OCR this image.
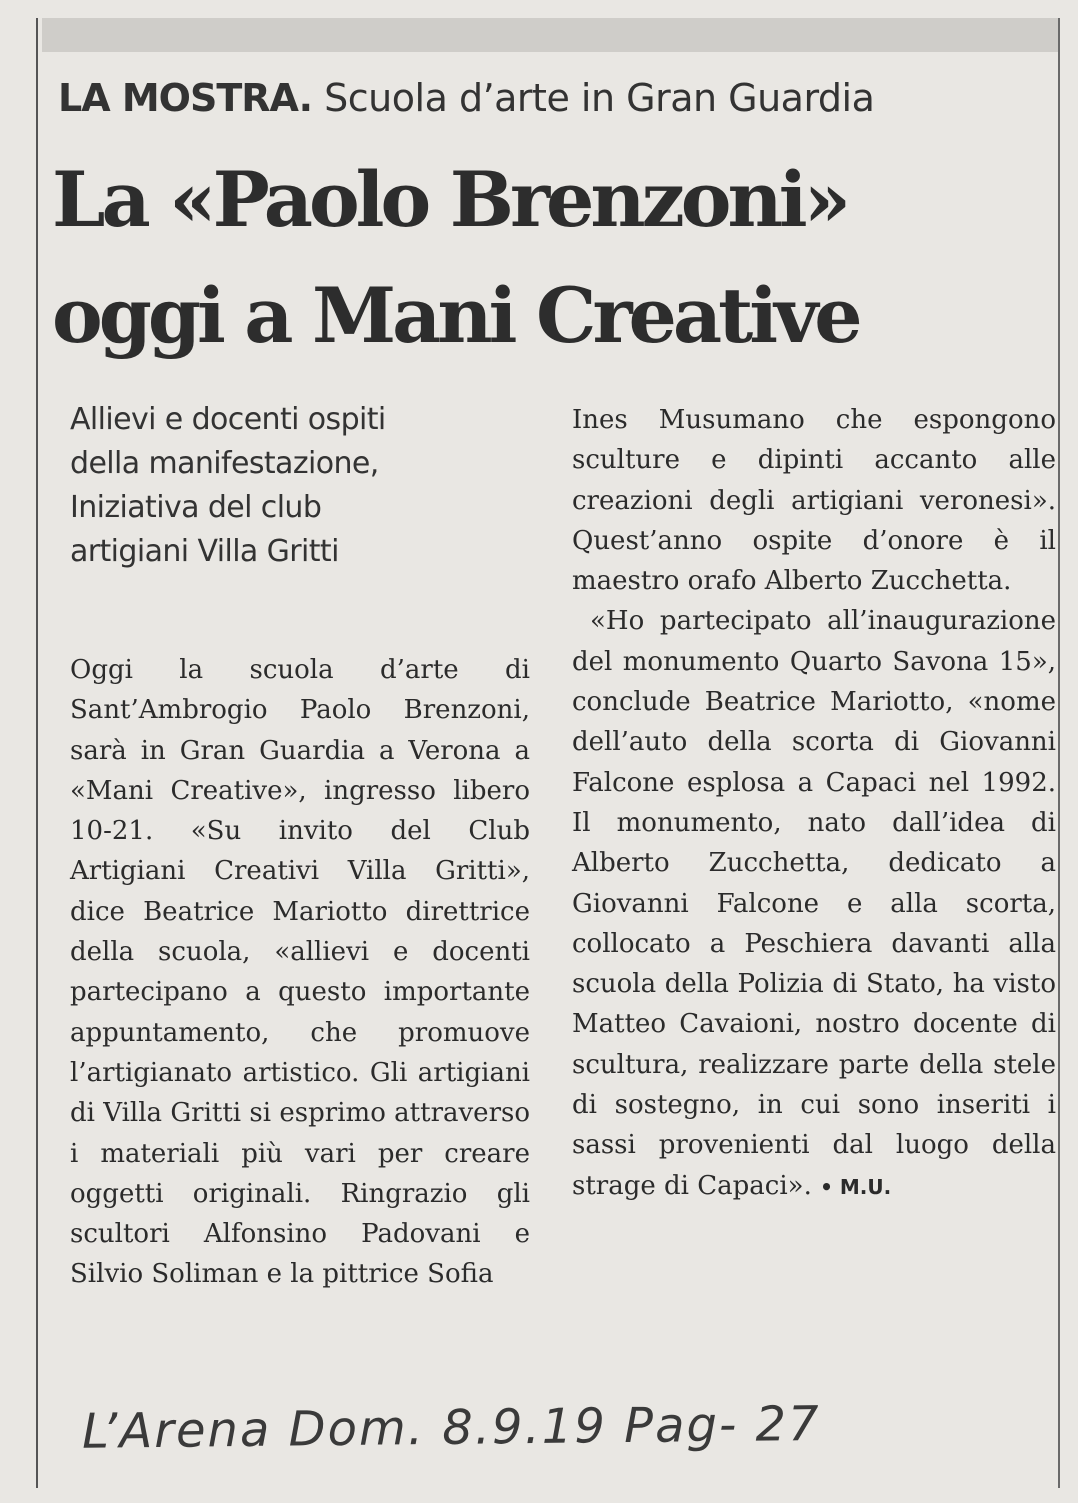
LA MOSTRA. Scuola d’arte in Gran Guardia
La «Paolo Brenzoni»
oggi a Mani Creative
Allievi e docenti ospiti
della manifestazione,
Iniziativa del club
artigiani Villa Gritti

Oggi la scuola d’arte di Sant’Ambrogio Paolo Brenzoni, sarà in Gran Guardia a Verona a «Mani Creative», ingresso libero 10-21. «Su invito del Club Artigiani Creativi Villa Gritti», dice Beatrice Mariotto direttrice della scuola, «allievi e docenti partecipano a questo importante appuntamento, che promuove l’artigianato artistico. Gli artigiani di Villa Gritti si esprimo attraverso i materiali più vari per creare oggetti originali. Ringrazio gli scultori Alfonsino Padovani e Silvio Soliman e la pittrice Sofia

Ines Musumano che espongono sculture e dipinti accanto alle creazioni degli artigiani veronesi». Quest’anno ospite d’onore è il maestro orafo Alberto Zucchetta.

«Ho partecipato all’inaugurazione del monumento Quarto Savona 15», conclude Beatrice Mariotto, «nome dell’auto della scorta di Giovanni Falcone esplosa a Capaci nel 1992. Il monumento, nato dall’idea di Alberto Zucchetta, dedicato a Giovanni Falcone e alla scorta, collocato a Peschiera davanti alla scuola della Polizia di Stato, ha visto Matteo Cavaioni, nostro docente di scultura, realizzare parte della stele di sostegno, in cui sono inseriti i sassi provenienti dal luogo della strage di Capaci». • M.U.

L’Arena Dom. 8.9.19 Pag- 27
